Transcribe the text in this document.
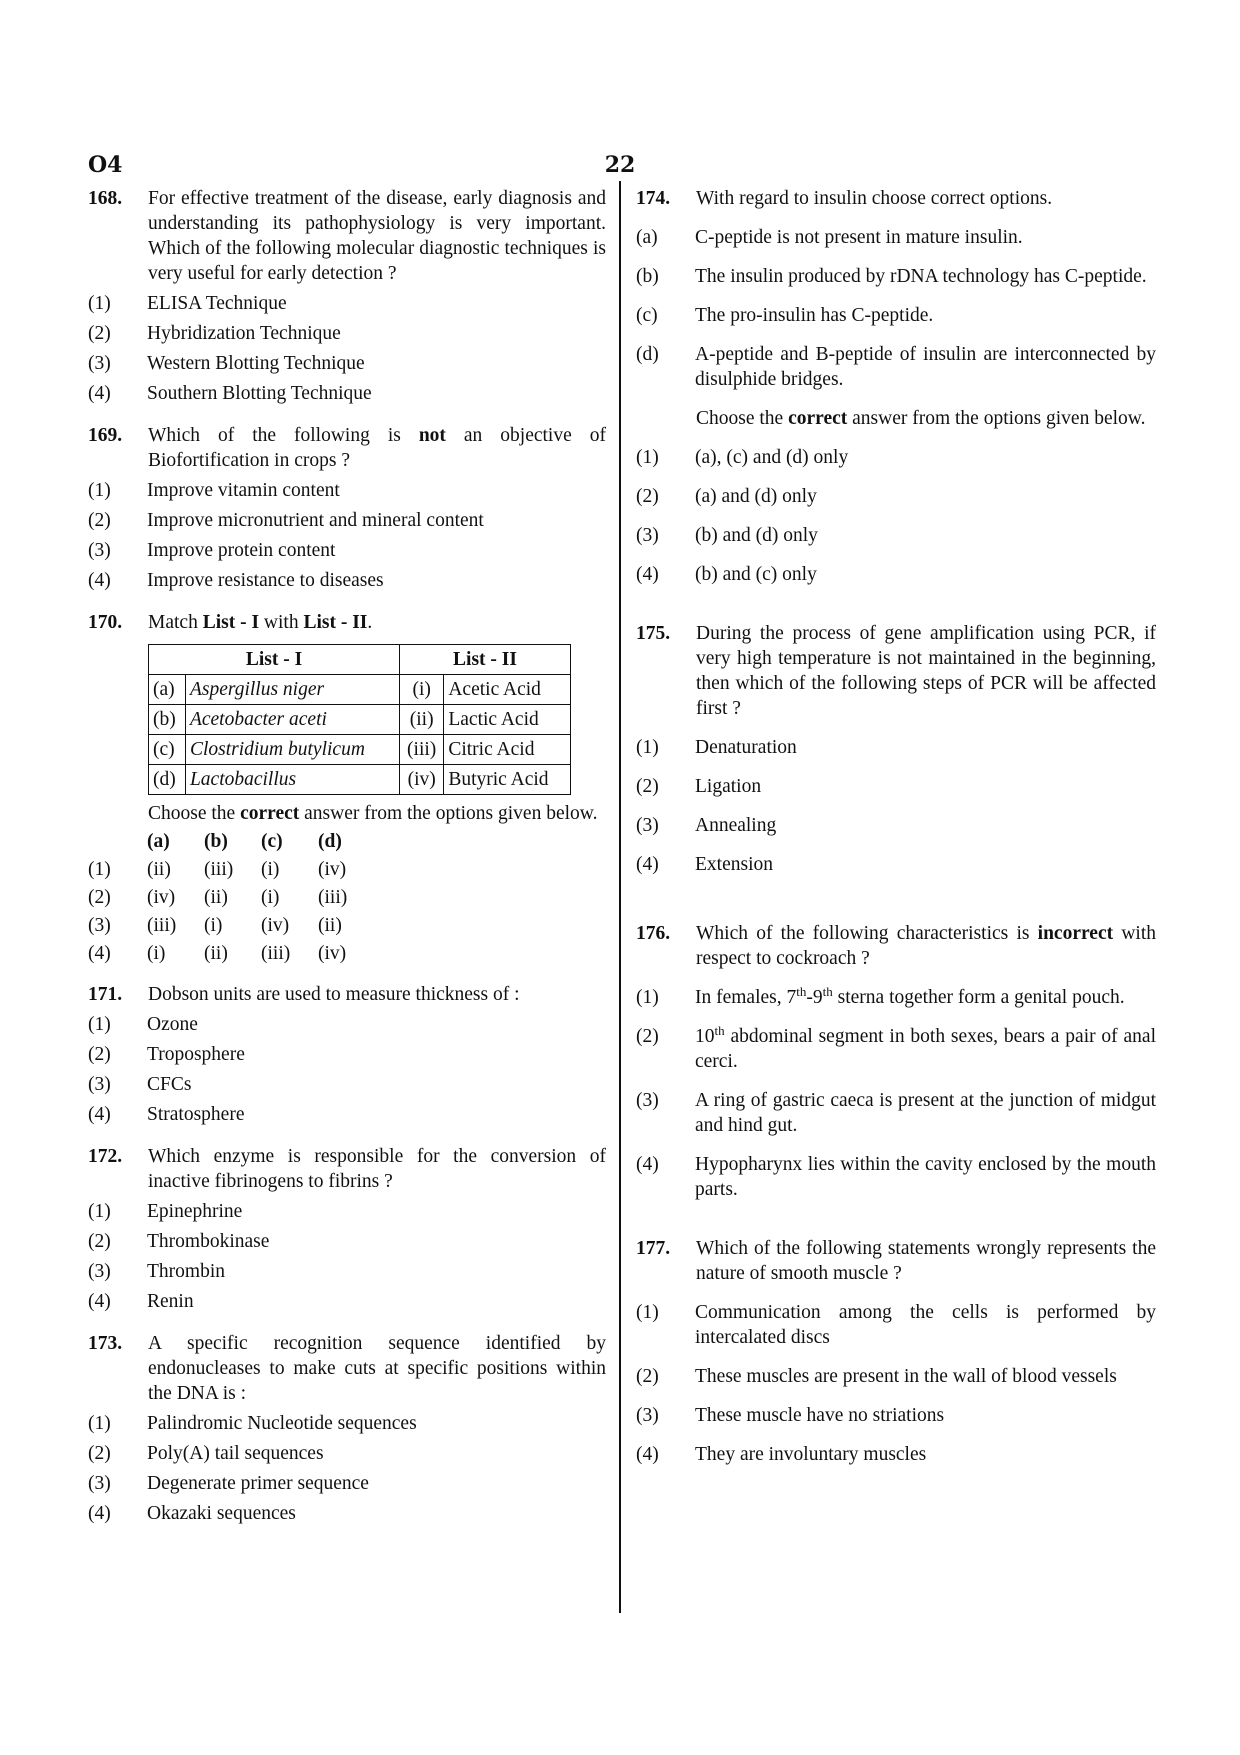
O4	22
168. For effective treatment of the disease, early diagnosis and understanding its pathophysiology is very important. Which of the following molecular diagnostic techniques is very useful for early detection ?
(1) ELISA Technique
(2) Hybridization Technique
(3) Western Blotting Technique
(4) Southern Blotting Technique
169. Which of the following is not an objective of Biofortification in crops ?
(1) Improve vitamin content
(2) Improve micronutrient and mineral content
(3) Improve protein content
(4) Improve resistance to diseases
170. Match List - I with List - II.
List - I		List - II	
(a)	Aspergillus niger	(i)	Acetic Acid
(b)	Acetobacter aceti	(ii)	Lactic Acid
(c)	Clostridium butylicum	(iii)	Citric Acid
(d)	Lactobacillus	(iv)	Butyric Acid
Choose the correct answer from the options given below.
(a)	(b)	(c)	(d)
(1)	(ii)	(iii)	(i)	(iv)
(2)	(iv)	(ii)	(i)	(iii)
(3)	(iii)	(i)	(iv)	(ii)
(4)	(i)	(ii)	(iii)	(iv)
171. Dobson units are used to measure thickness of :
(1) Ozone
(2) Troposphere
(3) CFCs
(4) Stratosphere
172. Which enzyme is responsible for the conversion of inactive fibrinogens to fibrins ?
(1) Epinephrine
(2) Thrombokinase
(3) Thrombin
(4) Renin
173. A specific recognition sequence identified by endonucleases to make cuts at specific positions within the DNA is :
(1) Palindromic Nucleotide sequences
(2) Poly(A) tail sequences
(3) Degenerate primer sequence
(4) Okazaki sequences
174. With regard to insulin choose correct options.
(a) C-peptide is not present in mature insulin.
(b) The insulin produced by rDNA technology has C-peptide.
(c) The pro-insulin has C-peptide.
(d) A-peptide and B-peptide of insulin are interconnected by disulphide bridges.
Choose the correct answer from the options given below.
(1) (a), (c) and (d) only
(2) (a) and (d) only
(3) (b) and (d) only
(4) (b) and (c) only
175. During the process of gene amplification using PCR, if very high temperature is not maintained in the beginning, then which of the following steps of PCR will be affected first ?
(1) Denaturation
(2) Ligation
(3) Annealing
(4) Extension
176. Which of the following characteristics is incorrect with respect to cockroach ?
(1) In females, 7th-9th sterna together form a genital pouch.
(2) 10th abdominal segment in both sexes, bears a pair of anal cerci.
(3) A ring of gastric caeca is present at the junction of midgut and hind gut.
(4) Hypopharynx lies within the cavity enclosed by the mouth parts.
177. Which of the following statements wrongly represents the nature of smooth muscle ?
(1) Communication among the cells is performed by intercalated discs
(2) These muscles are present in the wall of blood vessels
(3) These muscle have no striations
(4) They are involuntary muscles
